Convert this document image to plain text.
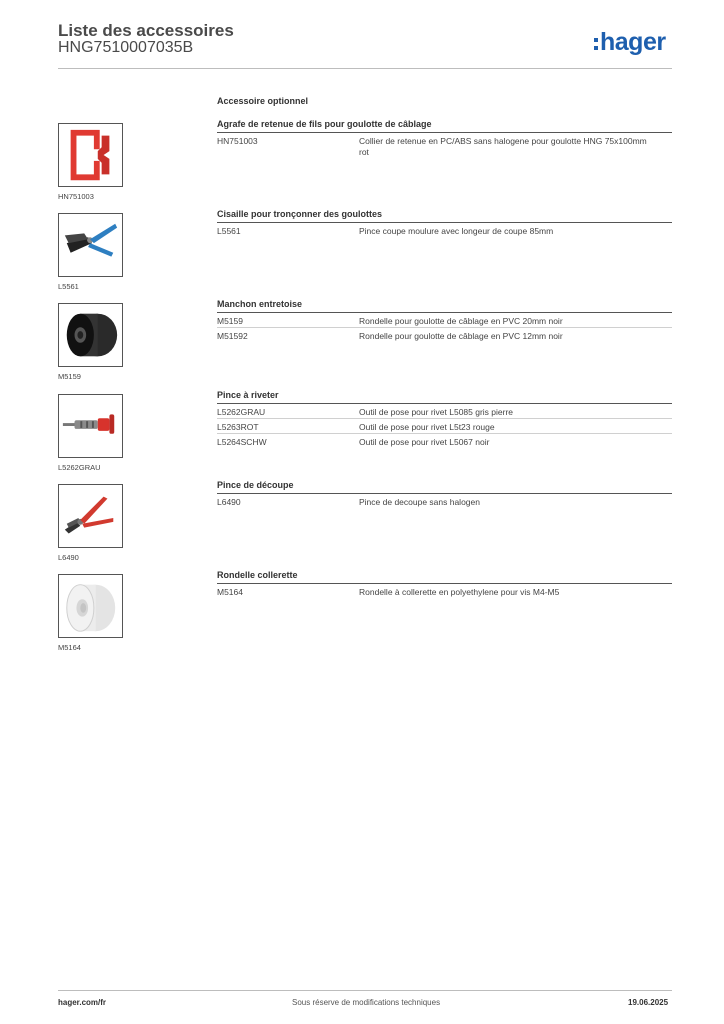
Liste des accessoires
HNG7510007035B	hager
Accessoire optionnel
HN751003
Agrafe de retenue de fils pour goulotte de câblage
HN751003	Collier de retenue en PC/ABS sans halogene pour goulotte HNG 75x100mm rot
L5561
Cisaille pour tronçonner des goulottes
L5561	Pince coupe moulure avec longeur de coupe 85mm
M5159
Manchon entretoise
M5159	Rondelle pour goulotte de câblage en PVC 20mm noir
M51592	Rondelle pour goulotte de câblage en PVC 12mm noir
L5262GRAU
Pince à riveter
L5262GRAU	Outil de pose pour rivet L5085 gris pierre
L5263ROT	Outil de pose pour rivet L5t23 rouge
L5264SCHW	Outil de pose pour rivet L5067 noir
L6490
Pince de découpe
L6490	Pince de decoupe sans halogen
M5164
Rondelle collerette
M5164	Rondelle à collerette en polyethylene pour vis M4-M5
hager.com/fr	Sous réserve de modifications techniques	19.06.2025
